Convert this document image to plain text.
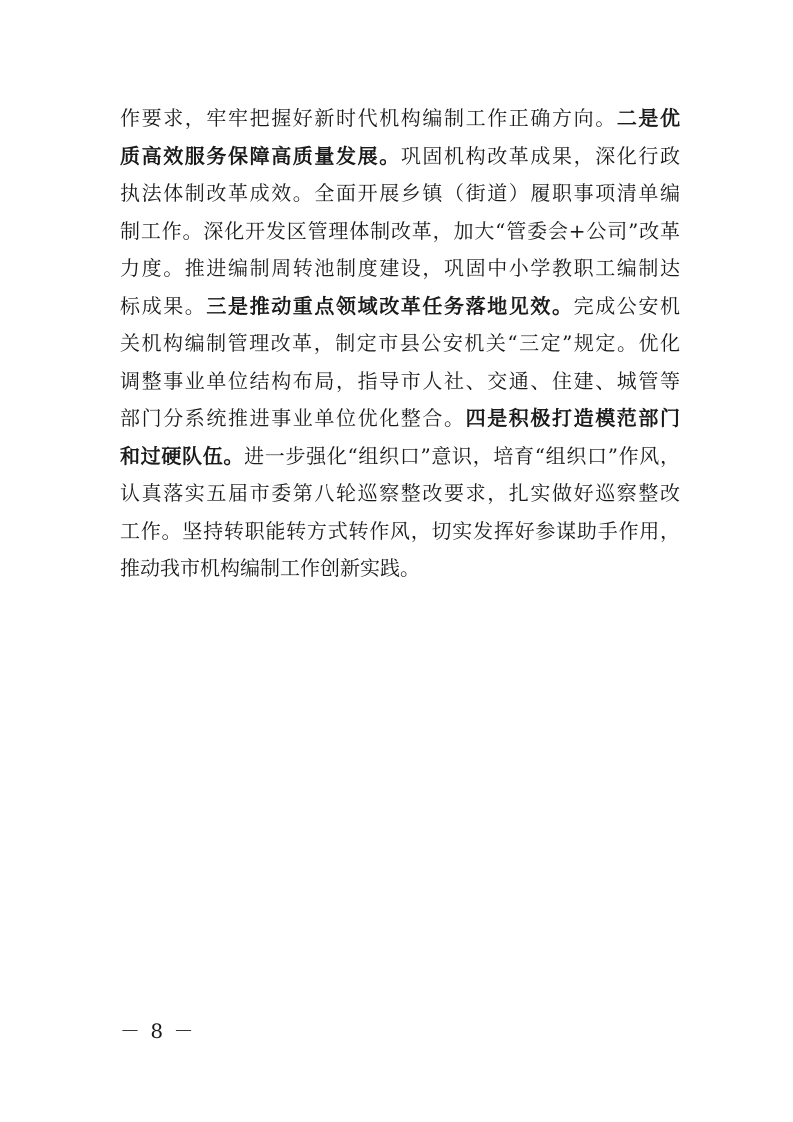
作要求，牢牢把握好新时代机构编制工作正确方向。二是优
质高效服务保障高质量发展。巩固机构改革成果，深化行政
执法体制改革成效。全面开展乡镇（街道）履职事项清单编
制工作。深化开发区管理体制改革，加大“管委会+公司”改革
力度。推进编制周转池制度建设，巩固中小学教职工编制达
标成果。三是推动重点领域改革任务落地见效。完成公安机
关机构编制管理改革，制定市县公安机关“三定”规定。优化
调整事业单位结构布局，指导市人社、交通、住建、城管等
部门分系统推进事业单位优化整合。四是积极打造模范部门
和过硬队伍。进一步强化“组织口”意识，培育“组织口”作风，
认真落实五届市委第八轮巡察整改要求，扎实做好巡察整改
工作。坚持转职能转方式转作风，切实发挥好参谋助手作用，
推动我市机构编制工作创新实践。
－ 8 －
